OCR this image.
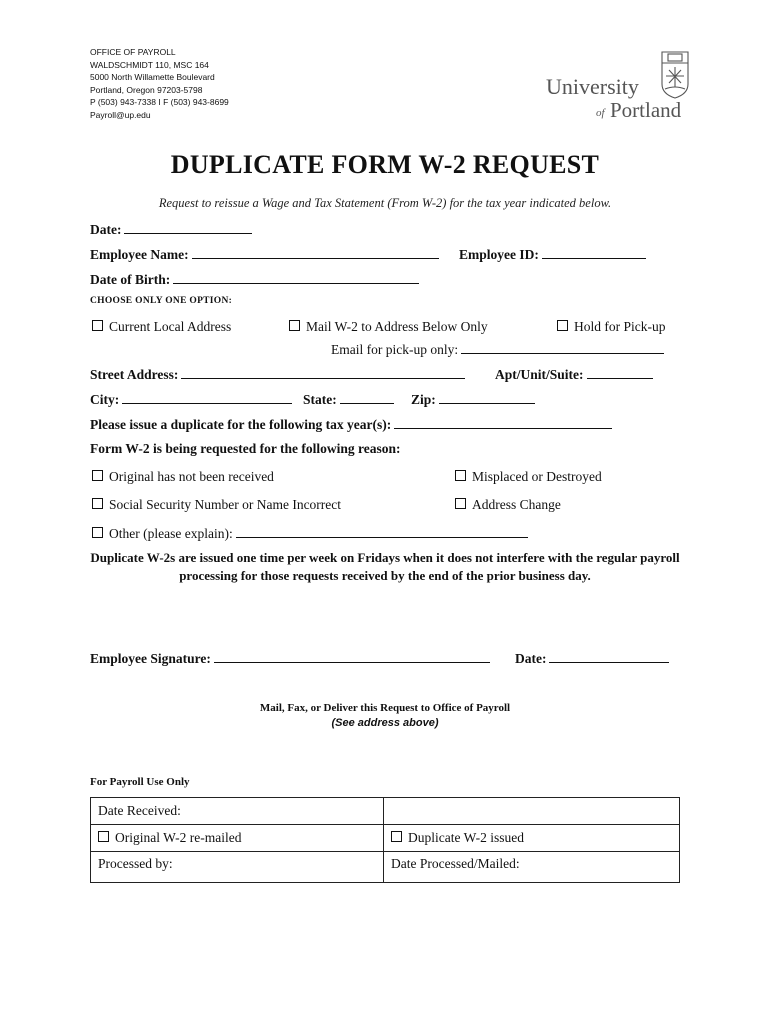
OFFICE OF PAYROLL
WALDSCHMIDT 110, MSC 164
5000 North Willamette Boulevard
Portland, Oregon 97203-5798
P (503) 943-7338 I F (503) 943-8699
Payroll@up.edu
University
of Portland
DUPLICATE FORM W-2 REQUEST
Request to reissue a Wage and Tax Statement (From W-2) for the tax year indicated below.
Date:
Employee Name:	Employee ID:
Date of Birth:
CHOOSE ONLY ONE OPTION:
Current Local Address	Mail W-2 to Address Below Only	Hold for Pick-up
Email for pick-up only:
Street Address:	Apt/Unit/Suite:
City:	State:	Zip:
Please issue a duplicate for the following tax year(s):
Form W-2 is being requested for the following reason:
Original has not been received	Misplaced or Destroyed
Social Security Number or Name Incorrect	Address Change
Other (please explain):
Duplicate W-2s are issued one time per week on Fridays when it does not interfere with the regular payroll processing for those requests received by the end of the prior business day.
Employee Signature:	Date:
Mail, Fax, or Deliver this Request to Office of Payroll
(See address above)
For Payroll Use Only
Date Received:	
Original W-2 re-mailed	Duplicate W-2 issued
Processed by:	Date Processed/Mailed:
